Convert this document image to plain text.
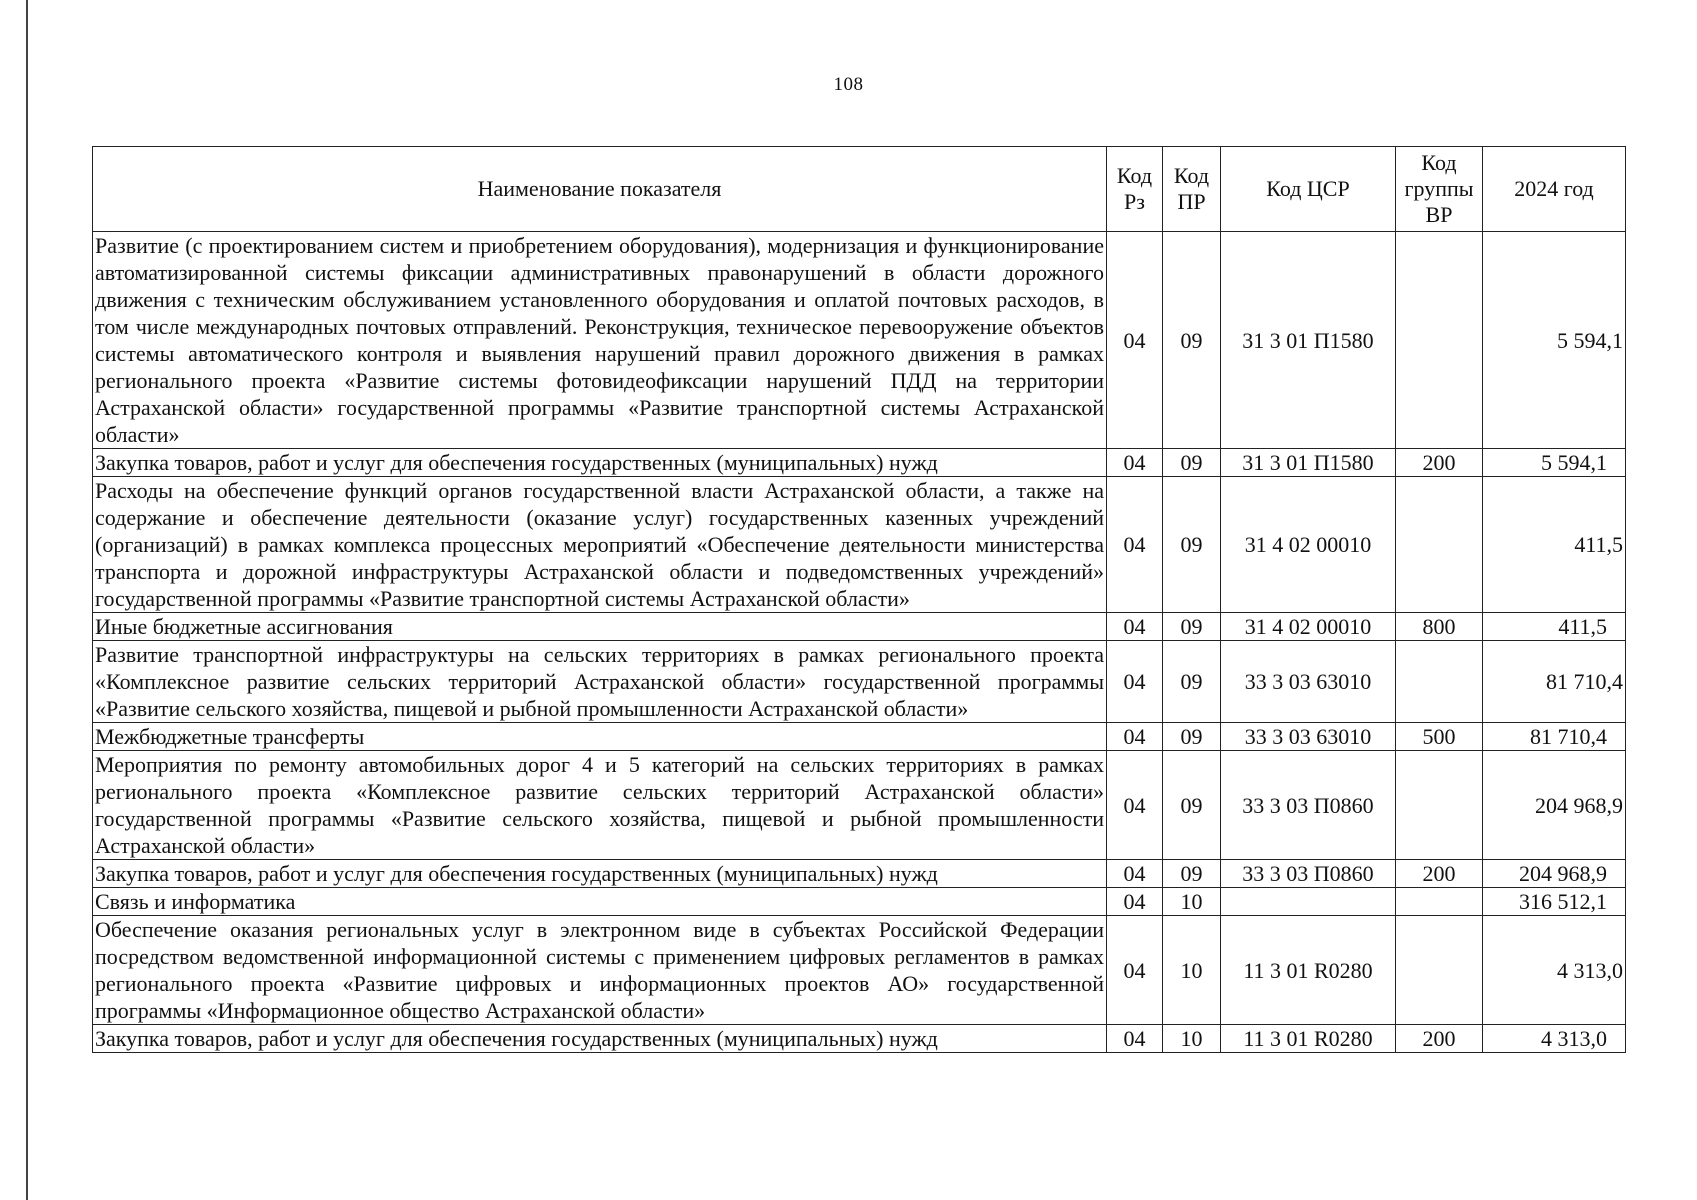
108
Наименование показателя	Код Рз	Код ПР	Код ЦСР	Код группы ВР	2024 год
Развитие (с проектированием систем и приобретением оборудования), модернизация и функционирование автоматизированной системы фиксации административных правонарушений в области дорожного движения с техническим обслуживанием установленного оборудования и оплатой почтовых расходов, в том числе международных почтовых отправлений. Реконструкция, техническое перевооружение объектов системы автоматического контроля и выявления нарушений правил дорожного движения в рамках регионального проекта «Развитие системы фотовидеофиксации нарушений ПДД на территории Астраханской области» государственной программы «Развитие транспортной системы Астраханской области»	04	09	31 3 01 П1580		5 594,1
Закупка товаров, работ и услуг для обеспечения государственных (муниципальных) нужд	04	09	31 3 01 П1580	200	5 594,1
Расходы на обеспечение функций органов государственной власти Астраханской области, а также на содержание и обеспечение деятельности (оказание услуг) государственных казенных учреждений (организаций) в рамках комплекса процессных мероприятий «Обеспечение деятельности министерства транспорта и дорожной инфраструктуры Астраханской области и подведомственных учреждений» государственной программы «Развитие транспортной системы Астраханской области»	04	09	31 4 02 00010		411,5
Иные бюджетные ассигнования	04	09	31 4 02 00010	800	411,5
Развитие транспортной инфраструктуры на сельских территориях в рамках регионального проекта «Комплексное развитие сельских территорий Астраханской области» государственной программы «Развитие сельского хозяйства, пищевой и рыбной промышленности Астраханской области»	04	09	33 3 03 63010		81 710,4
Межбюджетные трансферты	04	09	33 3 03 63010	500	81 710,4
Мероприятия по ремонту автомобильных дорог 4 и 5 категорий на сельских территориях в рамках регионального проекта «Комплексное развитие сельских территорий Астраханской области» государственной программы «Развитие сельского хозяйства, пищевой и рыбной промышленности Астраханской области»	04	09	33 3 03 П0860		204 968,9
Закупка товаров, работ и услуг для обеспечения государственных (муниципальных) нужд	04	09	33 3 03 П0860	200	204 968,9
Связь и информатика	04	10			316 512,1
Обеспечение оказания региональных услуг в электронном виде в субъектах Российской Федерации посредством ведомственной информационной системы с применением цифровых регламентов в рамках регионального проекта «Развитие цифровых и информационных проектов АО» государственной программы «Информационное общество Астраханской области»	04	10	11 3 01 R0280		4 313,0
Закупка товаров, работ и услуг для обеспечения государственных (муниципальных) нужд	04	10	11 3 01 R0280	200	4 313,0
